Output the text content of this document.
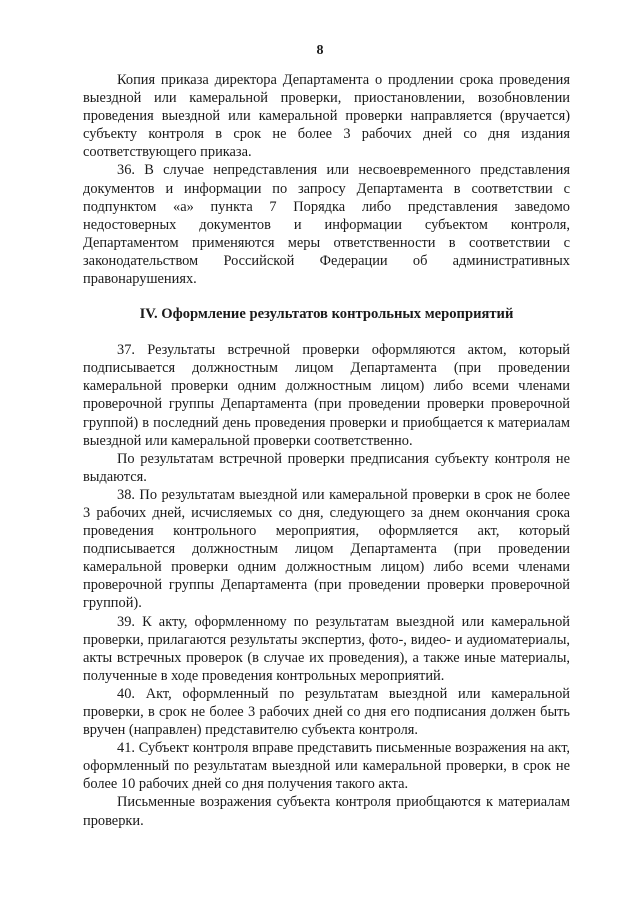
8

Копия приказа директора Департамента о продлении срока проведения выездной или камеральной проверки, приостановлении, возобновлении проведения выездной или камеральной проверки направляется (вручается) субъекту контроля в срок не более 3 рабочих дней со дня издания соответствующего приказа.

36. В случае непредставления или несвоевременного представления документов и информации по запросу Департамента в соответствии с подпунктом «а» пункта 7 Порядка либо представления заведомо недостоверных документов и информации субъектом контроля, Департаментом применяются меры ответственности в соответствии с законодательством Российской Федерации об административных правонарушениях.

IV. Оформление результатов контрольных мероприятий

37. Результаты встречной проверки оформляются актом, который подписывается должностным лицом Департамента (при проведении камеральной проверки одним должностным лицом) либо всеми членами проверочной группы Департамента (при проведении проверки проверочной группой) в последний день проведения проверки и приобщается к материалам выездной или камеральной проверки соответственно.

По результатам встречной проверки предписания субъекту контроля не выдаются.

38. По результатам выездной или камеральной проверки в срок не более 3 рабочих дней, исчисляемых со дня, следующего за днем окончания срока проведения контрольного мероприятия, оформляется акт, который подписывается должностным лицом Департамента (при проведении камеральной проверки одним должностным лицом) либо всеми членами проверочной группы Департамента (при проведении проверки проверочной группой).

39. К акту, оформленному по результатам выездной или камеральной проверки, прилагаются результаты экспертиз, фото-, видео- и аудиоматериалы, акты встречных проверок (в случае их проведения), а также иные материалы, полученные в ходе проведения контрольных мероприятий.

40. Акт, оформленный по результатам выездной или камеральной проверки, в срок не более 3 рабочих дней со дня его подписания должен быть вручен (направлен) представителю субъекта контроля.

41. Субъект контроля вправе представить письменные возражения на акт, оформленный по результатам выездной или камеральной проверки, в срок не более 10 рабочих дней со дня получения такого акта.

Письменные возражения субъекта контроля приобщаются к материалам проверки.
